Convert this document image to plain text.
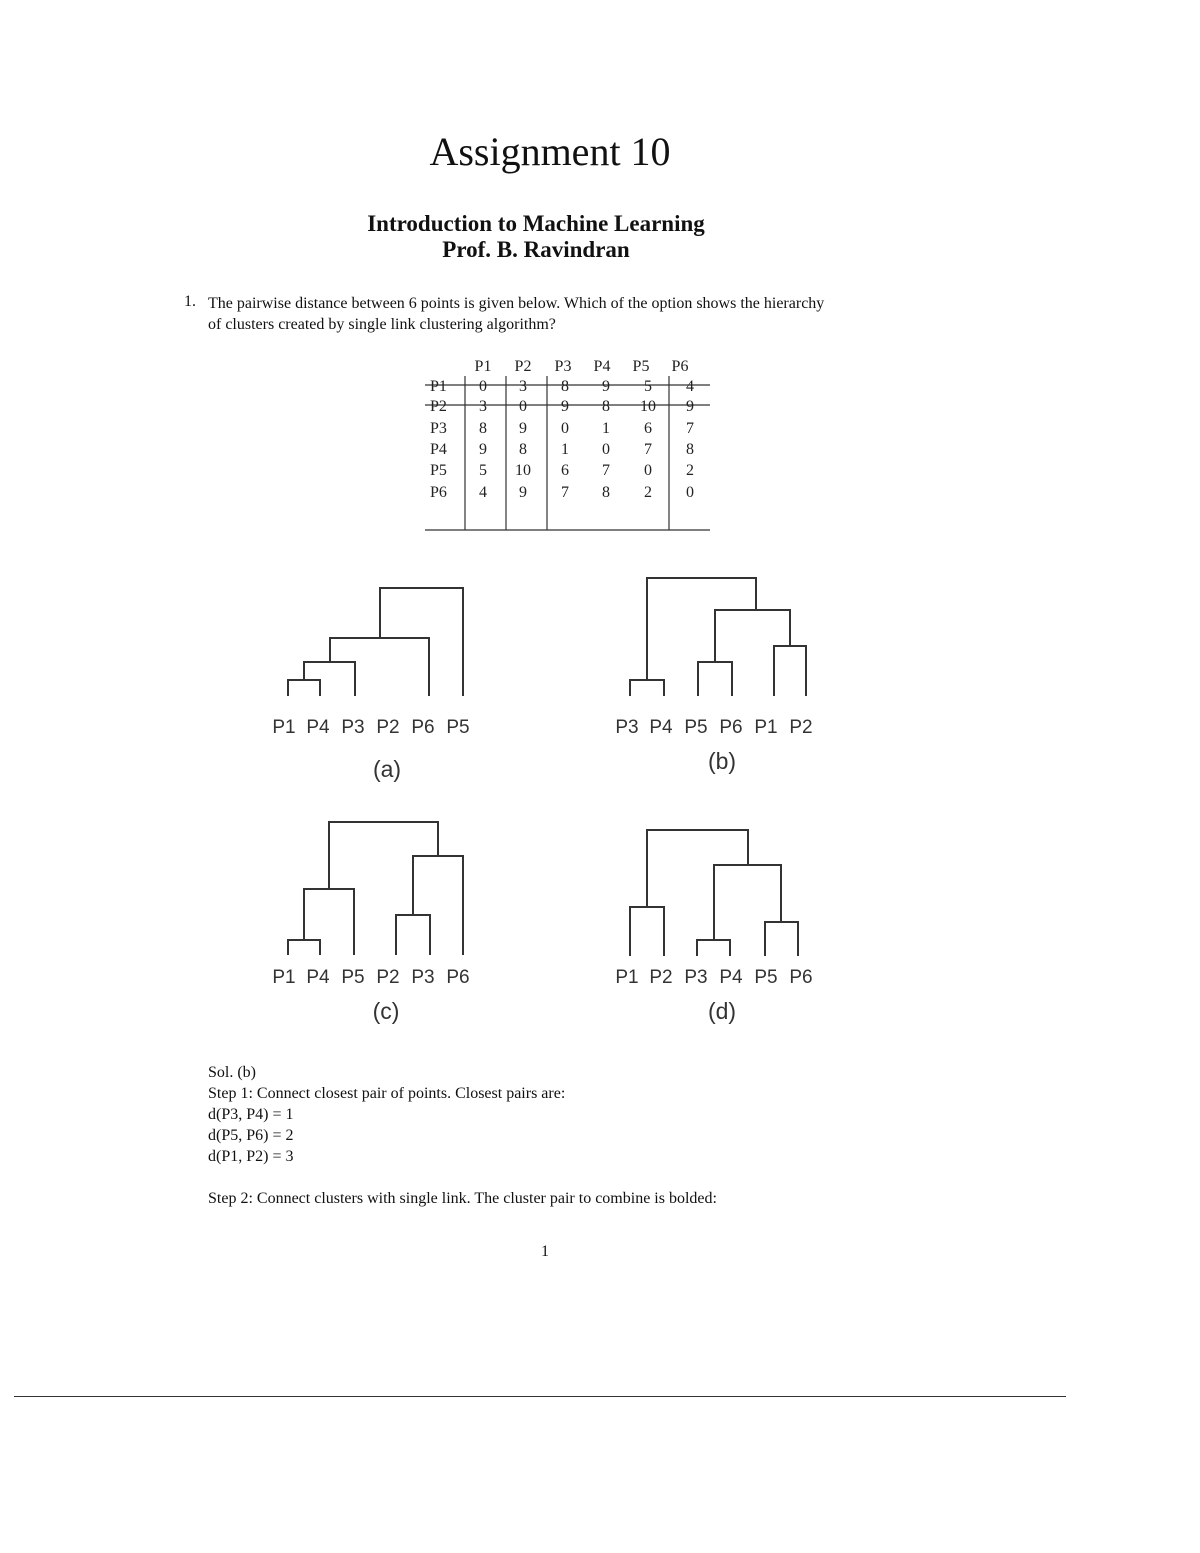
Assignment 10
Introduction to Machine Learning
Prof. B. Ravindran
1. The pairwise distance between 6 points is given below. Which of the option shows the hierarchy
of clusters created by single link clustering algorithm?
P1 P2 P3 P4 P5 P6
P1 0 3 8 9 5 4
P2 3 0 9 8 10 9
P3 8 9 0 1 6 7
P4 9 8 1 0 7 8
P5 5 10 6 7 0 2
P6 4 9 7 8 2 0
P1 P4 P3 P2 P6 P5
(a)
P3 P4 P5 P6 P1 P2
(b)
P1 P4 P5 P2 P3 P6
(c)
P1 P2 P3 P4 P5 P6
(d)
Sol. (b)
Step 1: Connect closest pair of points. Closest pairs are:
d(P3, P4) = 1
d(P5, P6) = 2
d(P1, P2) = 3
Step 2: Connect clusters with single link. The cluster pair to combine is bolded:
1
